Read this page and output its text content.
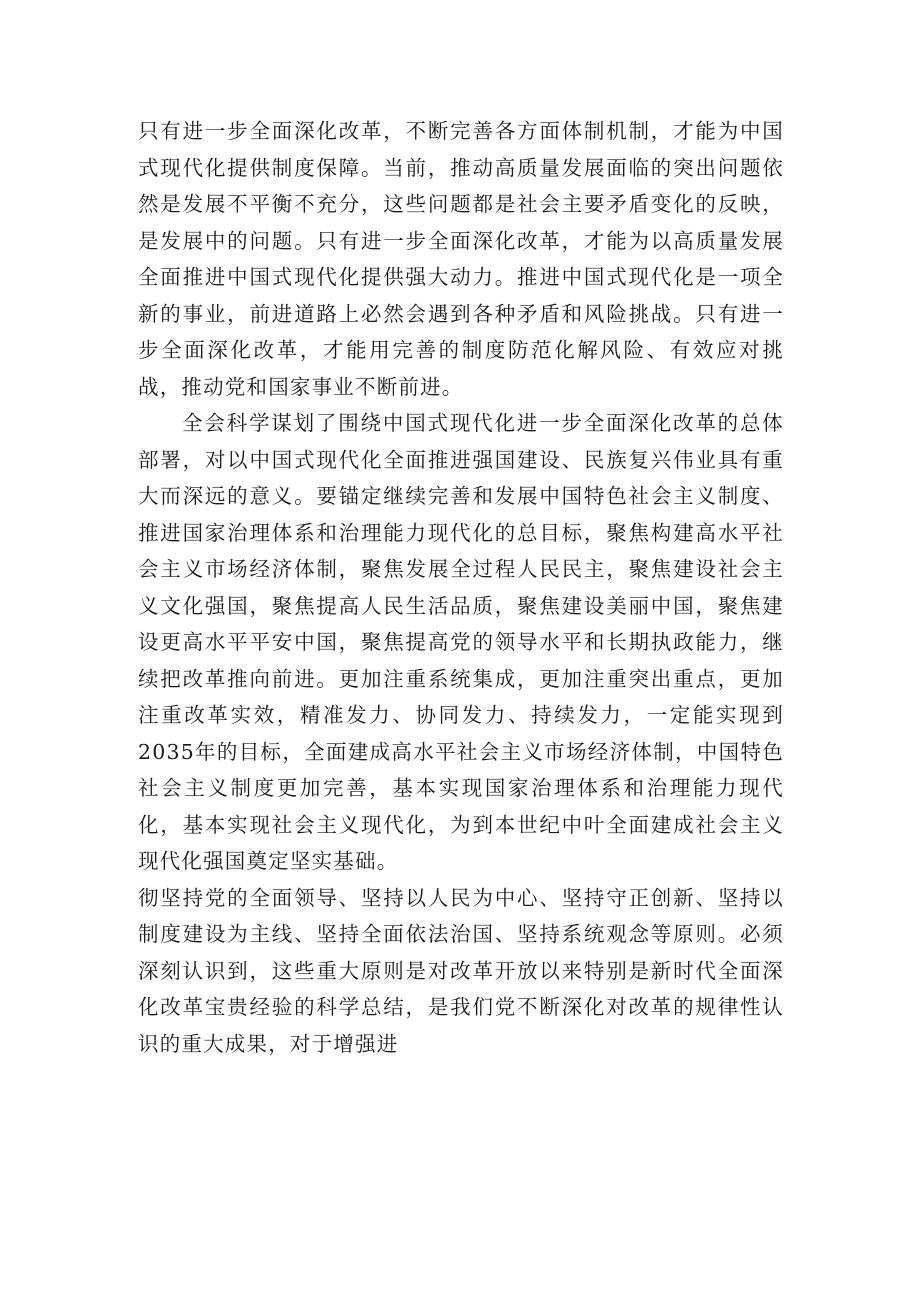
只有进一步全面深化改革，不断完善各方面体制机制，才能为中国式现代化提供制度保障。当前，推动高质量发展面临的突出问题依然是发展不平衡不充分，这些问题都是社会主要矛盾变化的反映，是发展中的问题。只有进一步全面深化改革，才能为以高质量发展全面推进中国式现代化提供强大动力。推进中国式现代化是一项全新的事业，前进道路上必然会遇到各种矛盾和风险挑战。只有进一步全面深化改革，才能用完善的制度防范化解风险、有效应对挑战，推动党和国家事业不断前进。

全会科学谋划了围绕中国式现代化进一步全面深化改革的总体部署，对以中国式现代化全面推进强国建设、民族复兴伟业具有重大而深远的意义。要锚定继续完善和发展中国特色社会主义制度、推进国家治理体系和治理能力现代化的总目标，聚焦构建高水平社会主义市场经济体制，聚焦发展全过程人民民主，聚焦建设社会主义文化强国，聚焦提高人民生活品质，聚焦建设美丽中国，聚焦建设更高水平平安中国，聚焦提高党的领导水平和长期执政能力，继续把改革推向前进。更加注重系统集成，更加注重突出重点，更加注重改革实效，精准发力、协同发力、持续发力，一定能实现到2035年的目标，全面建成高水平社会主义市场经济体制，中国特色社会主义制度更加完善，基本实现国家治理体系和治理能力现代化，基本实现社会主义现代化，为到本世纪中叶全面建成社会主义现代化强国奠定坚实基础。

彻坚持党的全面领导、坚持以人民为中心、坚持守正创新、坚持以制度建设为主线、坚持全面依法治国、坚持系统观念等原则。必须深刻认识到，这些重大原则是对改革开放以来特别是新时代全面深化改革宝贵经验的科学总结，是我们党不断深化对改革的规律性认识的重大成果，对于增强进
